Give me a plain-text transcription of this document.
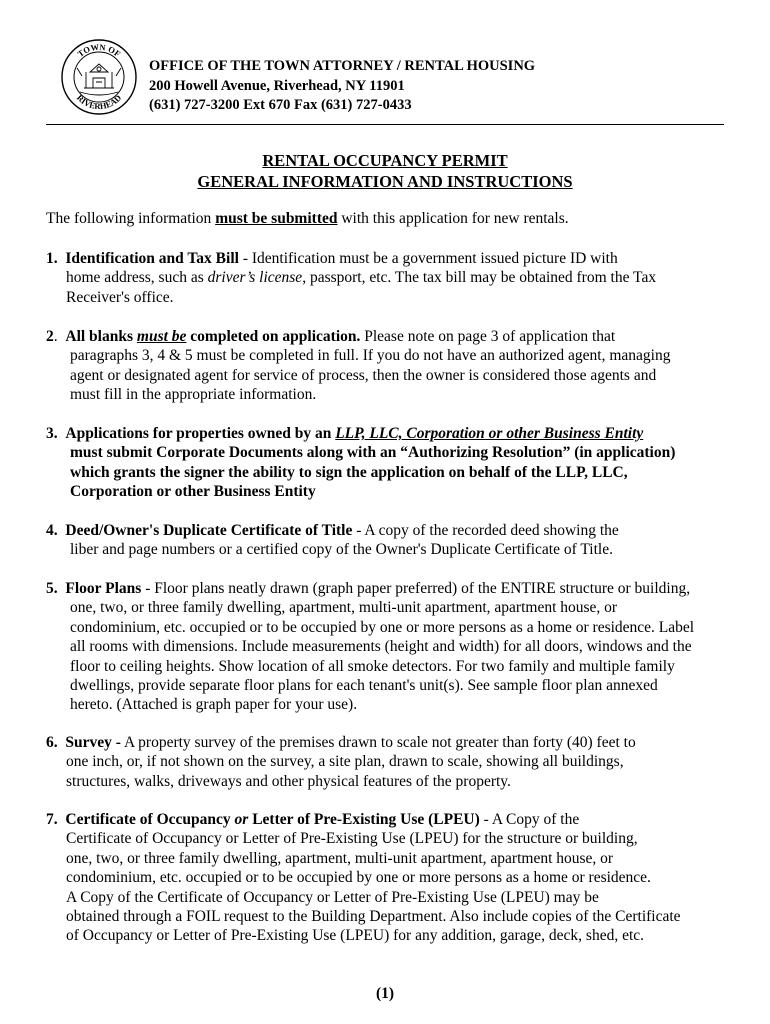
TOWN OF
RIVERHEAD
OFFICE OF THE TOWN ATTORNEY / RENTAL HOUSING
200 Howell Avenue, Riverhead, NY 11901
(631) 727-3200 Ext 670 Fax (631) 727-0433
RENTAL OCCUPANCY PERMIT
GENERAL INFORMATION AND INSTRUCTIONS
The following information must be submitted with this application for new rentals.
1. Identification and Tax Bill - Identification must be a government issued picture ID with
home address, such as driver’s license, passport, etc. The tax bill may be obtained from the Tax
Receiver's office.
2. All blanks must be completed on application. Please note on page 3 of application that
paragraphs 3, 4 & 5 must be completed in full. If you do not have an authorized agent, managing
agent or designated agent for service of process, then the owner is considered those agents and
must fill in the appropriate information.
3. Applications for properties owned by an LLP, LLC, Corporation or other Business Entity
must submit Corporate Documents along with an “Authorizing Resolution” (in application)
which grants the signer the ability to sign the application on behalf of the LLP, LLC,
Corporation or other Business Entity
4. Deed/Owner's Duplicate Certificate of Title - A copy of the recorded deed showing the
liber and page numbers or a certified copy of the Owner's Duplicate Certificate of Title.
5. Floor Plans - Floor plans neatly drawn (graph paper preferred) of the ENTIRE structure or building,
one, two, or three family dwelling, apartment, multi-unit apartment, apartment house, or
condominium, etc. occupied or to be occupied by one or more persons as a home or residence. Label
all rooms with dimensions. Include measurements (height and width) for all doors, windows and the
floor to ceiling heights. Show location of all smoke detectors. For two family and multiple family
dwellings, provide separate floor plans for each tenant's unit(s). See sample floor plan annexed
hereto. (Attached is graph paper for your use).
6. Survey - A property survey of the premises drawn to scale not greater than forty (40) feet to
one inch, or, if not shown on the survey, a site plan, drawn to scale, showing all buildings,
structures, walks, driveways and other physical features of the property.
7. Certificate of Occupancy or Letter of Pre-Existing Use (LPEU) - A Copy of the
Certificate of Occupancy or Letter of Pre-Existing Use (LPEU) for the structure or building,
one, two, or three family dwelling, apartment, multi-unit apartment, apartment house, or
condominium, etc. occupied or to be occupied by one or more persons as a home or residence.
A Copy of the Certificate of Occupancy or Letter of Pre-Existing Use (LPEU) may be
obtained through a FOIL request to the Building Department. Also include copies of the Certificate
of Occupancy or Letter of Pre-Existing Use (LPEU) for any addition, garage, deck, shed, etc.
(1)
